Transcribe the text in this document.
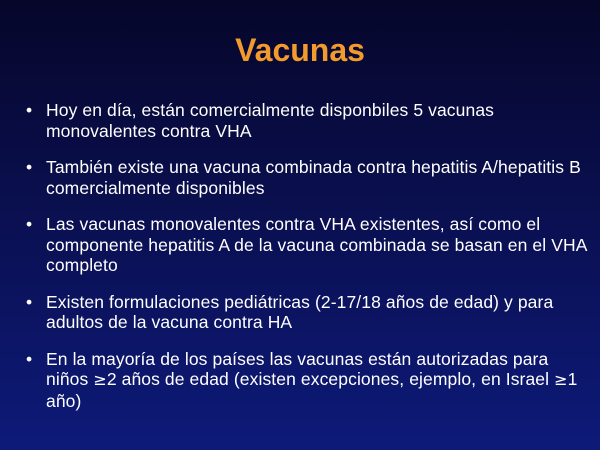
Vacunas
• Hoy en día, están comercialmente disponbiles 5 vacunas monovalentes contra VHA
• También existe una vacuna combinada contra hepatitis A/hepatitis B comercialmente disponibles
• Las vacunas monovalentes contra VHA existentes, así como el componente hepatitis A de la vacuna combinada se basan en el VHA completo
• Existen formulaciones pediátricas (2-17/18 años de edad) y para adultos de la vacuna contra HA
• En la mayoría de los países las vacunas están autorizadas para niños ≥2 años de edad (existen excepciones, ejemplo, en Israel ≥1 año)
